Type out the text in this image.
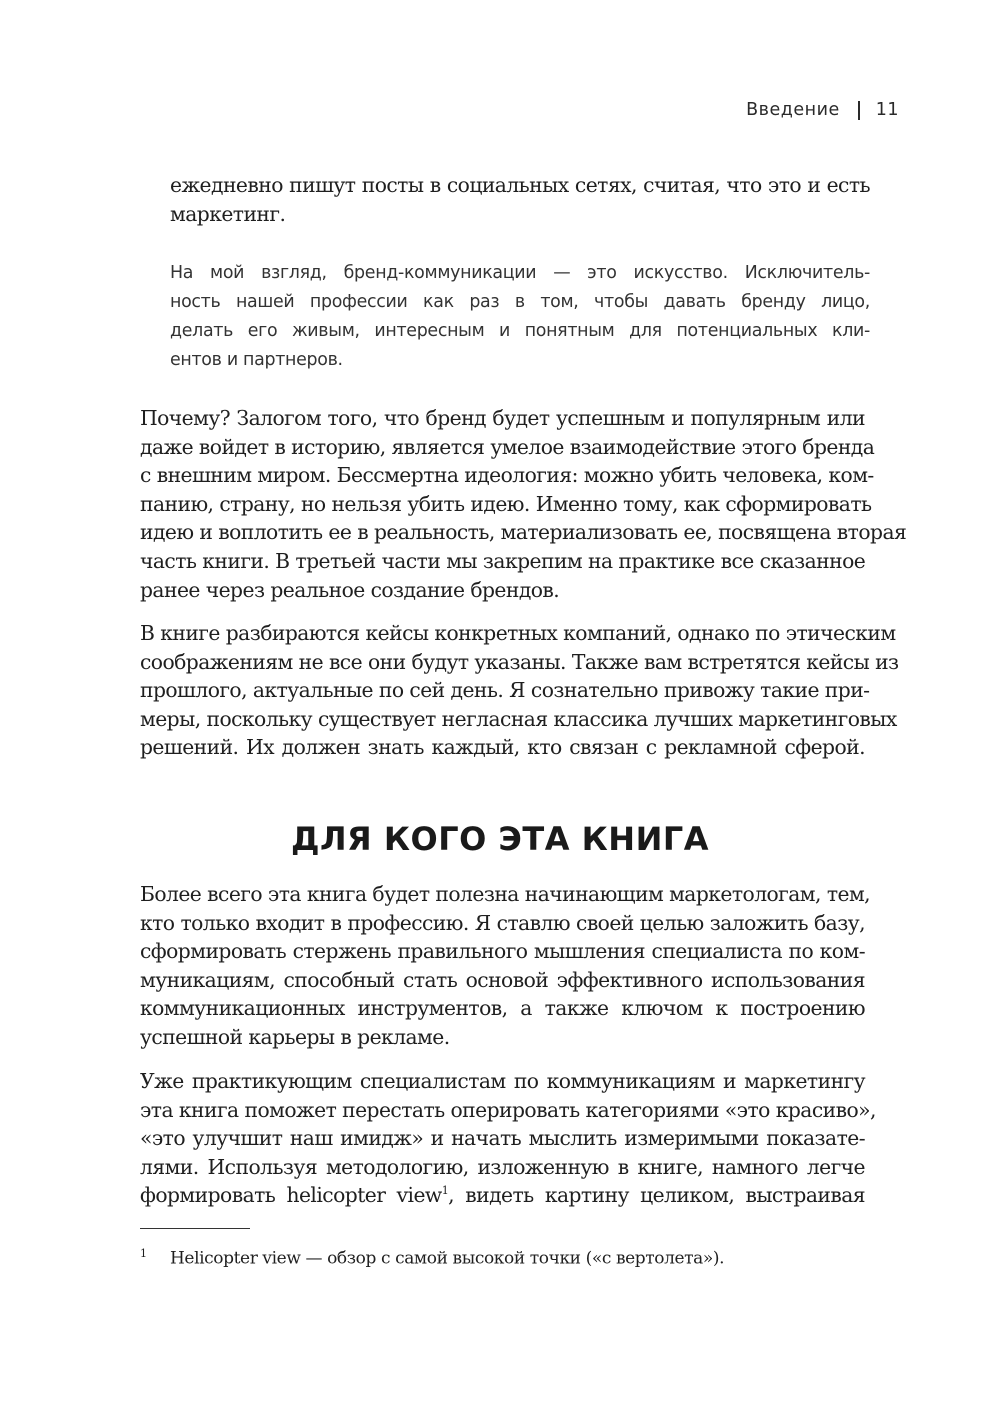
Введение 11

ежедневно пишут посты в социальных сетях, считая, что это и есть
маркетинг.

На мой взгляд, бренд-коммуникации — это искусство. Исключитель-
ность нашей профессии как раз в том, чтобы давать бренду лицо,
делать его живым, интересным и понятным для потенциальных кли-
ентов и партнеров.

Почему? Залогом того, что бренд будет успешным и популярным или
даже войдет в историю, является умелое взаимодействие этого бренда
с внешним миром. Бессмертна идеология: можно убить человека, ком-
панию, страну, но нельзя убить идею. Именно тому, как сформировать
идею и воплотить ее в реальность, материализовать ее, посвящена вторая
часть книги. В третьей части мы закрепим на практике все сказанное
ранее через реальное создание брендов.

В книге разбираются кейсы конкретных компаний, однако по этическим
соображениям не все они будут указаны. Также вам встретятся кейсы из
прошлого, актуальные по сей день. Я сознательно привожу такие при-
меры, поскольку существует негласная классика лучших маркетинговых
решений. Их должен знать каждый, кто связан с рекламной сферой.

ДЛЯ КОГО ЭТА КНИГА

Более всего эта книга будет полезна начинающим маркетологам, тем,
кто только входит в профессию. Я ставлю своей целью заложить базу,
сформировать стержень правильного мышления специалиста по ком-
муникациям, способный стать основой эффективного использования
коммуникационных инструментов, а также ключом к построению
успешной карьеры в рекламе.

Уже практикующим специалистам по коммуникациям и маркетингу
эта книга поможет перестать оперировать категориями «это красиво»,
«это улучшит наш имидж» и начать мыслить измеримыми показате-
лями. Используя методологию, изложенную в книге, намного легче
формировать helicopter view$^1$, видеть картину целиком, выстраивая

1 Helicopter view — обзор с самой высокой точки («с вертолета»).
